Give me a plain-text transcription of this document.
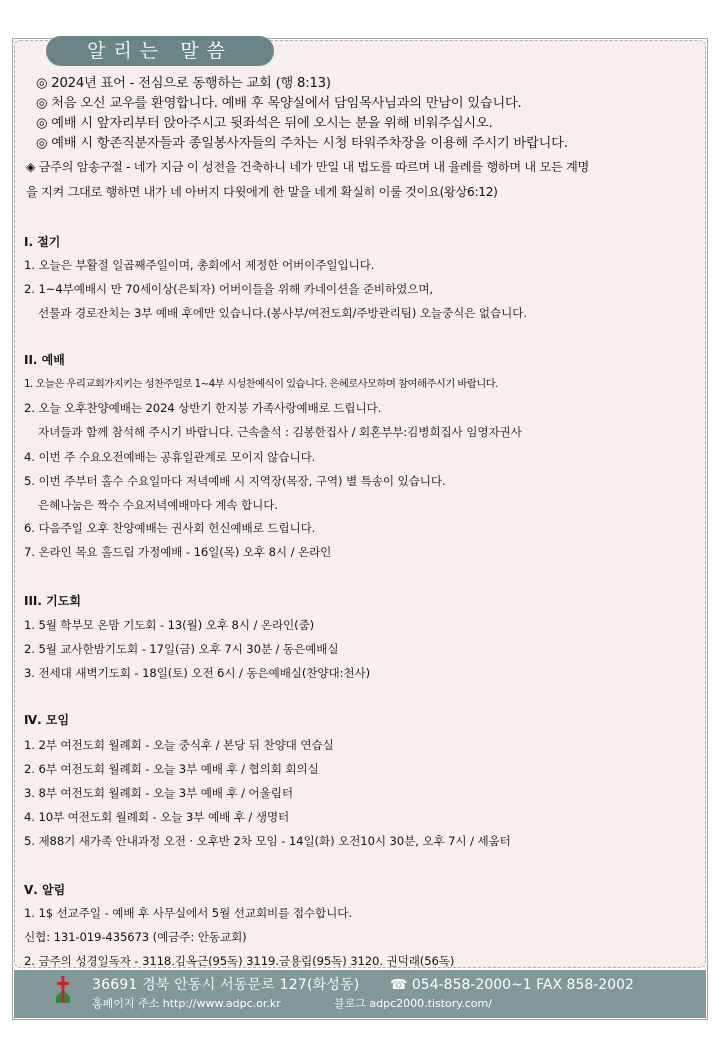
알리는 말씀
◎ 2024년 표어 - 전심으로 동행하는 교회 (행 8:13)
◎ 처음 오신 교우를 환영합니다. 예배 후 목양실에서 담임목사님과의 만남이 있습니다.
◎ 예배 시 앞자리부터 앉아주시고 뒷좌석은 뒤에 오시는 분을 위해 비워주십시오.
◎ 예배 시 항존직분자들과 종일봉사자들의 주차는 시청 타워주차장을 이용해 주시기 바랍니다.
◈ 금주의 암송구절 - 네가 지금 이 성전을 건축하니 네가 만일 내 법도를 따르며 내 율례를 행하며 내 모든 계명
을 지켜 그대로 행하면 내가 네 아버지 다윗에게 한 말을 네게 확실히 이룰 것이요(왕상6:12)
I. 절기
1. 오늘은 부활절 일곱째주일이며, 총회에서 제정한 어버이주일입니다.
2. 1~4부예배시 만 70세이상(은퇴자) 어버이들을 위해 카네이션을 준비하였으며,
선물과 경로잔치는 3부 예배 후에만 있습니다.(봉사부/여전도회/주방관리팀) 오늘중식은 없습니다.
II. 예배
1. 오늘은 우리교회가지키는 성찬주일로 1~4부 시성찬예식이 있습니다. 은혜로사모하며 참여해주시기 바랍니다.
2. 오늘 오후찬양예배는 2024 상반기 한지붕 가족사랑예배로 드립니다.
자녀들과 함께 참석해 주시기 바랍니다. 근속출석 : 김봉한집사 / 회혼부부:김병희집사 임영자권사
4. 이번 주 수요오전예배는 공휴일관계로 모이지 않습니다.
5. 이번 주부터 홀수 수요일마다 저녁예배 시 지역장(목장, 구역) 별 특송이 있습니다.
은혜나눔은 짝수 수요저녁예배마다 계속 합니다.
6. 다음주일 오후 찬양예배는 권사회 헌신예배로 드립니다.
7. 온라인 목요 홀드림 가정예배 - 16일(목) 오후 8시 / 온라인
III. 기도회
1. 5월 학부모 온맘 기도회 - 13(월) 오후 8시 / 온라인(줌)
2. 5월 교사한밤기도회 - 17일(금) 오후 7시 30분 / 동은예배실
3. 전세대 새벽기도회 - 18일(토) 오전 6시 / 동은예배실(찬양대:천사)
Ⅳ. 모임
1. 2부 여전도회 월례회 - 오늘 중식후 / 본당 뒤 찬양대 연습실
2. 6부 여전도회 월례회 - 오늘 3부 예배 후 / 협의회 회의실
3. 8부 여전도회 월례회 - 오늘 3부 예배 후 / 어울림터
4. 10부 여전도회 월례회 - 오늘 3부 예배 후 / 생명터
5. 제88기 새가족 안내과정 오전 · 오후반 2차 모임 - 14일(화) 오전10시 30분, 오후 7시 / 세움터
Ⅴ. 알림
1. 1$ 선교주일 - 예배 후 사무실에서 5월 선교회비를 접수합니다.
신협: 131-019-435673 (예금주: 안동교회)
2. 금주의 성경일독자 - 3118.김옥근(95독) 3119.금용림(95독) 3120. 권덕래(56독)
36691 경북 안동시 서동문로 127(화성동) ☎ 054-858-2000~1 FAX 858-2002
홈페이지 주소 http://www.adpc.or.kr	블로그 adpc2000.tistory.com/
